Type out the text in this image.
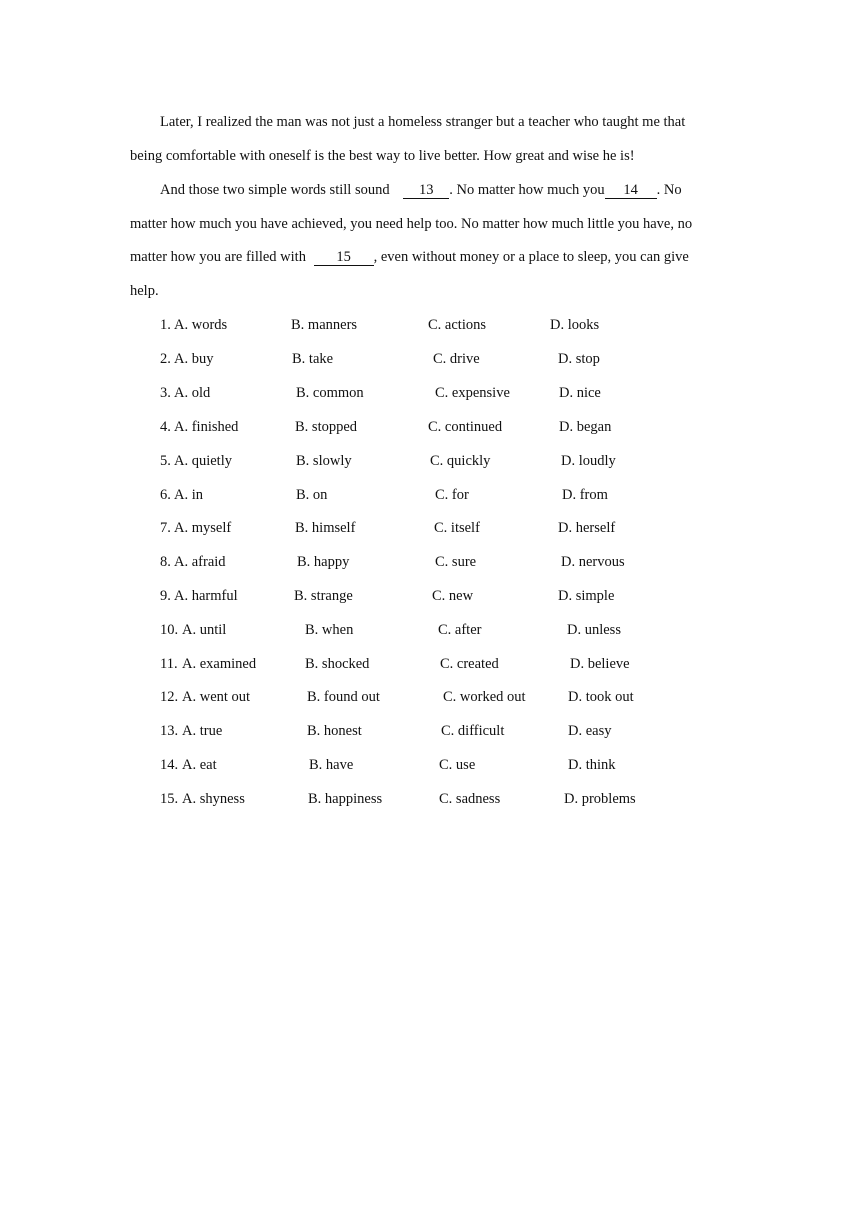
Later, I realized the man was not just a homeless stranger but a teacher who taught me that
being comfortable with oneself is the best way to live better. How great and wise he is!
And those two simple words still sound 13 . No matter how much you 14 . No
matter how much you have achieved, you need help too. No matter how much little you have, no
matter how you are filled with 15 , even without money or a place to sleep, you can give
help.
1. A. words	B. manners	C. actions	D. looks
2. A. buy	B. take	C. drive	D. stop
3. A. old	B. common	C. expensive	D. nice
4. A. finished	B. stopped	C. continued	D. began
5. A. quietly	B. slowly	C. quickly	D. loudly
6. A. in	B. on	C. for	D. from
7. A. myself	B. himself	C. itself	D. herself
8. A. afraid	B. happy	C. sure	D. nervous
9. A. harmful	B. strange	C. new	D. simple
10. A. until	B. when	C. after	D. unless
11. A. examined	B. shocked	C. created	D. believe
12. A. went out	B. found out	C. worked out	D. took out
13. A. true	B. honest	C. difficult	D. easy
14. A. eat	B. have	C. use	D. think
15. A. shyness	B. happiness	C. sadness	D. problems
